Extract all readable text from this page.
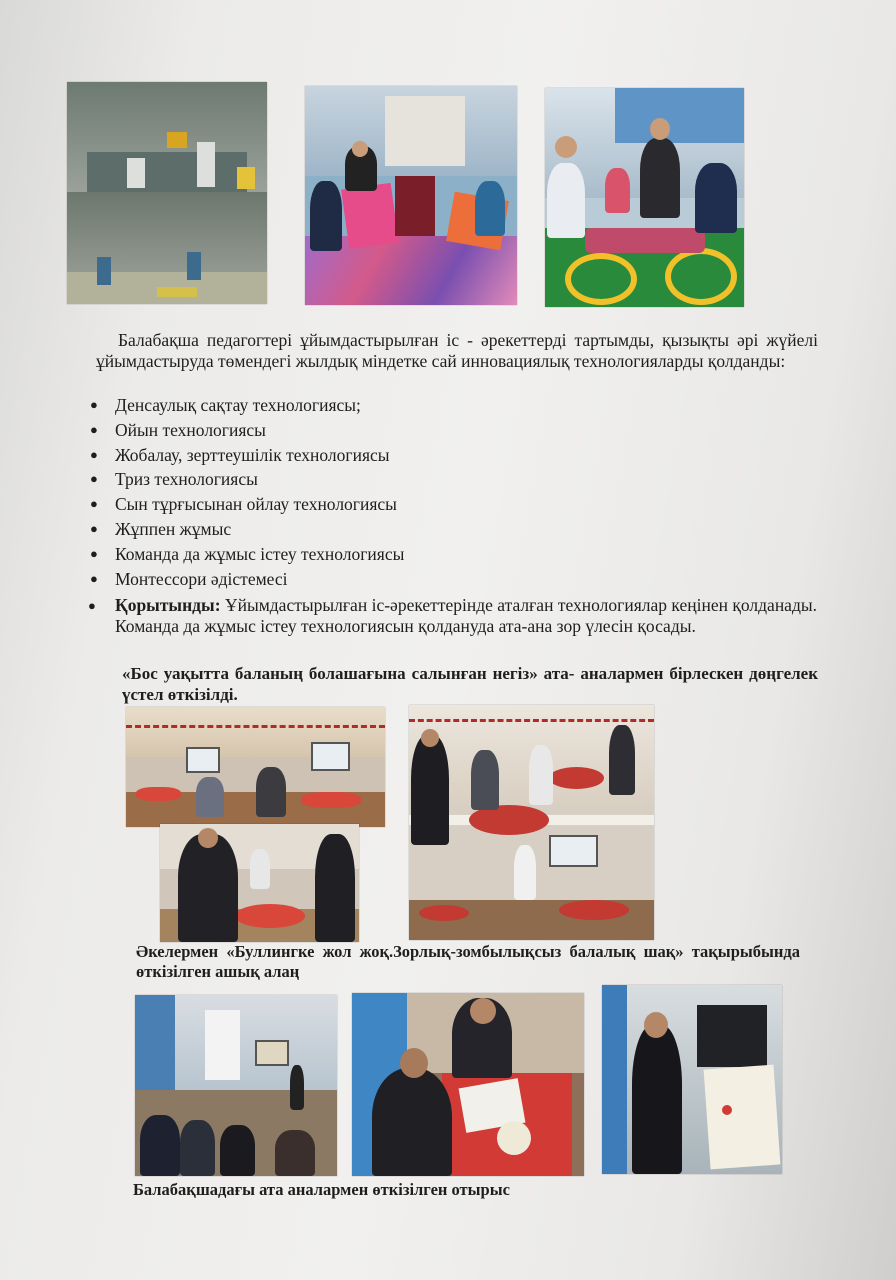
Балабақша педагогтері ұйымдастырылған іс - әрекеттерді тартымды, қызықты әрі жүйелі ұйымдастыруда төмендегі жылдық міндетке сай инновациялық технологияларды қолданды:

● Денсаулық сақтау технологиясы;
● Ойын технологиясы
● Жобалау, зерттеушілік технологиясы
● Триз технологиясы
● Сын тұрғысынан ойлау технологиясы
● Жұппен жұмыс
● Команда да жұмыс істеу технологиясы
● Монтессори әдістемесі

● Қорытынды: Ұйымдастырылған іс-әрекеттерінде аталған технологиялар кеңінен қолданады. Команда да жұмыс істеу технологиясын қолдануда ата-ана зор үлесін қосады.

«Бос уақытта баланың болашағына салынған негіз» ата- аналармен бірлескен дөңгелек үстел өткізілді.

Әкелермен «Буллингке жол жоқ.Зорлық-зомбылықсыз балалық шақ» тақырыбында өткізілген ашық алаң

Балабақшадағы ата аналармен өткізілген отырыс
